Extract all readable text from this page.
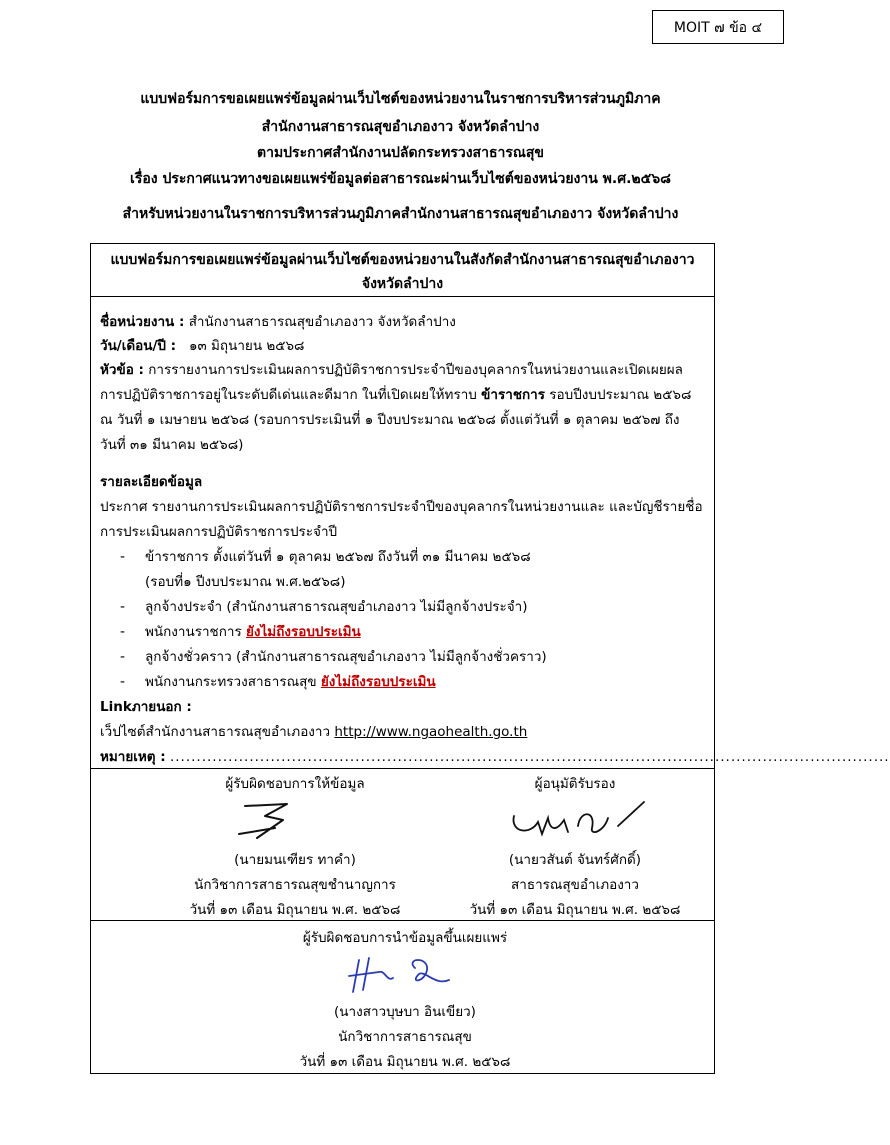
MOIT ๗ ข้อ ๔
แบบฟอร์มการขอเผยแพร่ข้อมูลผ่านเว็บไซต์ของหน่วยงานในราชการบริหารส่วนภูมิภาค
สำนักงานสาธารณสุขอำเภองาว จังหวัดลำปาง
ตามประกาศสำนักงานปลัดกระทรวงสาธารณสุข
เรื่อง ประกาศแนวทางขอเผยแพร่ข้อมูลต่อสาธารณะผ่านเว็บไซต์ของหน่วยงาน พ.ศ.๒๕๖๘
สำหรับหน่วยงานในราชการบริหารส่วนภูมิภาคสำนักงานสาธารณสุขอำเภองาว จังหวัดลำปาง
แบบฟอร์มการขอเผยแพร่ข้อมูลผ่านเว็บไซต์ของหน่วยงานในสังกัดสำนักงานสาธารณสุขอำเภองาว
จังหวัดลำปาง
ชื่อหน่วยงาน : สำนักงานสาธารณสุขอำเภองาว จังหวัดลำปาง
วัน/เดือน/ปี : ๑๓ มิถุนายน ๒๕๖๘
หัวข้อ : การรายงานการประเมินผลการปฏิบัติราชการประจำปีของบุคลากรในหน่วยงานและเปิดเผยผล
การปฏิบัติราชการอยู่ในระดับดีเด่นและดีมาก ในที่เปิดเผยให้ทราบ ข้าราชการ รอบปีงบประมาณ ๒๕๖๘
ณ วันที่ ๑ เมษายน ๒๕๖๘ (รอบการประเมินที่ ๑ ปีงบประมาณ ๒๕๖๘ ตั้งแต่วันที่ ๑ ตุลาคม ๒๕๖๗ ถึง
วันที่ ๓๑ มีนาคม ๒๕๖๘)
รายละเอียดข้อมูล
ประกาศ รายงานการประเมินผลการปฏิบัติราชการประจำปีของบุคลากรในหน่วยงานและ และบัญชีรายชื่อ
การประเมินผลการปฏิบัติราชการประจำปี
- ข้าราชการ ตั้งแต่วันที่ ๑ ตุลาคม ๒๕๖๗ ถึงวันที่ ๓๑ มีนาคม ๒๕๖๘
(รอบที่๑ ปีงบประมาณ พ.ศ.๒๕๖๘)
- ลูกจ้างประจำ (สำนักงานสาธารณสุขอำเภองาว ไม่มีลูกจ้างประจำ)
- พนักงานราชการ ยังไม่ถึงรอบประเมิน
- ลูกจ้างชั่วคราว (สำนักงานสาธารณสุขอำเภองาว ไม่มีลูกจ้างชั่วคราว)
- พนักงานกระทรวงสาธารณสุข ยังไม่ถึงรอบประเมิน
Linkภายนอก :
เว็ปไซต์สำนักงานสาธารณสุขอำเภองาว http://www.ngaohealth.go.th
หมายเหตุ : ........................................................................................................................................
ผู้รับผิดชอบการให้ข้อมูล
(นายมนเฑียร ทาคำ)
นักวิชาการสาธารณสุขชำนาญการ
วันที่ ๑๓ เดือน มิถุนายน พ.ศ. ๒๕๖๘
ผู้อนุมัติรับรอง
(นายวสันต์ จันทร์ศักดิ์)
สาธารณสุขอำเภองาว
วันที่ ๑๓ เดือน มิถุนายน พ.ศ. ๒๕๖๘
ผู้รับผิดชอบการนำข้อมูลขึ้นเผยแพร่
(นางสาวบุษบา อินเขียว)
นักวิชาการสาธารณสุข
วันที่ ๑๓ เดือน มิถุนายน พ.ศ. ๒๕๖๘
